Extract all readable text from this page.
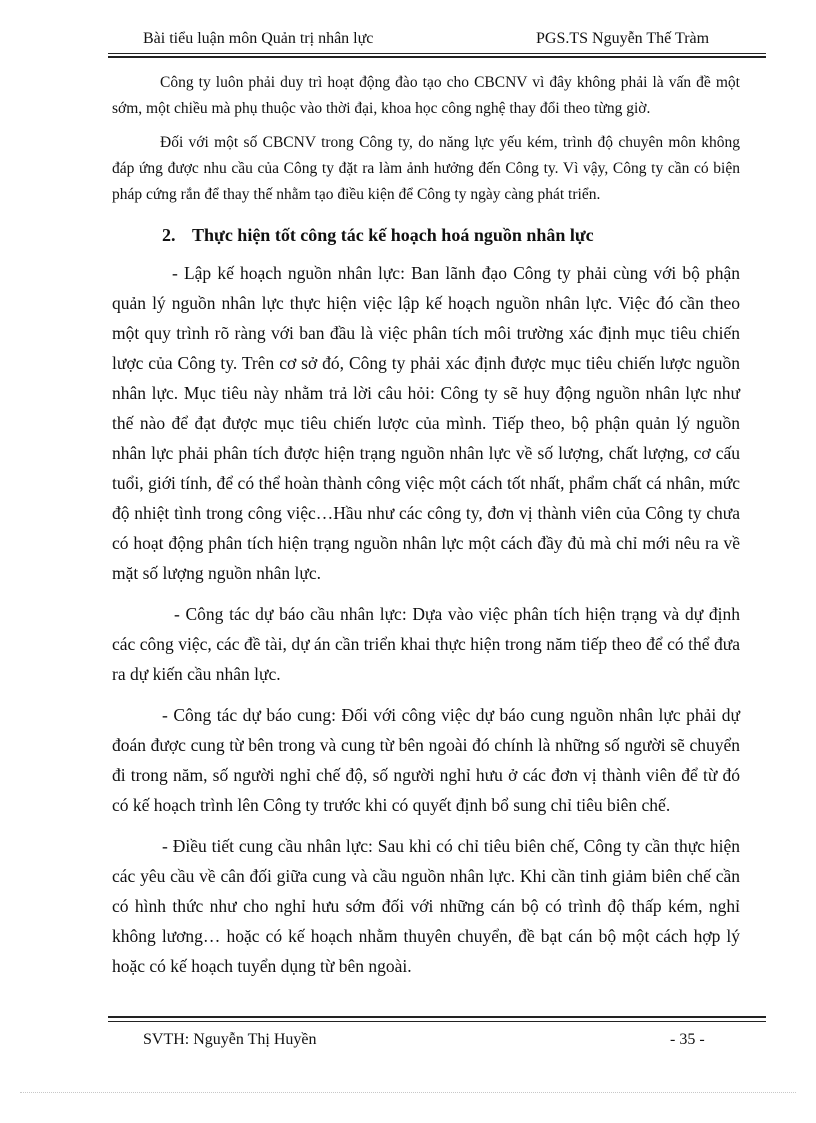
Bài tiểu luận môn Quản trị nhân lực	PGS.TS Nguyễn Thế Tràm

Công ty luôn phải duy trì hoạt động đào tạo cho CBCNV vì đây không phải là vấn đề một sớm, một chiều mà phụ thuộc vào thời đại, khoa học công nghệ thay đổi theo từng giờ.

Đối với một số CBCNV trong Công ty, do năng lực yếu kém, trình độ chuyên môn không đáp ứng được nhu cầu của Công ty đặt ra làm ảnh hưởng đến Công ty. Vì vậy, Công ty cần có biện pháp cứng rắn để thay thế nhằm tạo điều kiện để Công ty ngày càng phát triển.

2. Thực hiện tốt công tác kế hoạch hoá nguồn nhân lực

- Lập kế hoạch nguồn nhân lực: Ban lãnh đạo Công ty phải cùng với bộ phận quản lý nguồn nhân lực thực hiện việc lập kế hoạch nguồn nhân lực. Việc đó cần theo một quy trình rõ ràng với ban đầu là việc phân tích môi trường xác định mục tiêu chiến lược của Công ty. Trên cơ sở đó, Công ty phải xác định được mục tiêu chiến lược nguồn nhân lực. Mục tiêu này nhằm trả lời câu hỏi: Công ty sẽ huy động nguồn nhân lực như thế nào để đạt được mục tiêu chiến lược của mình. Tiếp theo, bộ phận quản lý nguồn nhân lực phải phân tích được hiện trạng nguồn nhân lực về số lượng, chất lượng, cơ cấu tuổi, giới tính, để có thể hoàn thành công việc một cách tốt nhất, phẩm chất cá nhân, mức độ nhiệt tình trong công việc…Hầu như các công ty, đơn vị thành viên của Công ty chưa có hoạt động phân tích hiện trạng nguồn nhân lực một cách đầy đủ mà chỉ mới nêu ra về mặt số lượng nguồn nhân lực.

- Công tác dự báo cầu nhân lực: Dựa vào việc phân tích hiện trạng và dự định các công việc, các đề tài, dự án cần triển khai thực hiện trong năm tiếp theo để có thể đưa ra dự kiến cầu nhân lực.

- Công tác dự báo cung: Đối với công việc dự báo cung nguồn nhân lực phải dự đoán được cung từ bên trong và cung từ bên ngoài đó chính là những số người sẽ chuyển đi trong năm, số người nghỉ chế độ, số người nghỉ hưu ở các đơn vị thành viên để từ đó có kế hoạch trình lên Công ty trước khi có quyết định bổ sung chỉ tiêu biên chế.

- Điều tiết cung cầu nhân lực: Sau khi có chỉ tiêu biên chế, Công ty cần thực hiện các yêu cầu về cân đối giữa cung và cầu nguồn nhân lực. Khi cần tinh giảm biên chế cần có hình thức như cho nghỉ hưu sớm đối với những cán bộ có trình độ thấp kém, nghỉ không lương… hoặc có kế hoạch nhằm thuyên chuyển, đề bạt cán bộ một cách hợp lý hoặc có kế hoạch tuyển dụng từ bên ngoài.

SVTH: Nguyễn Thị Huyền	- 35 -
